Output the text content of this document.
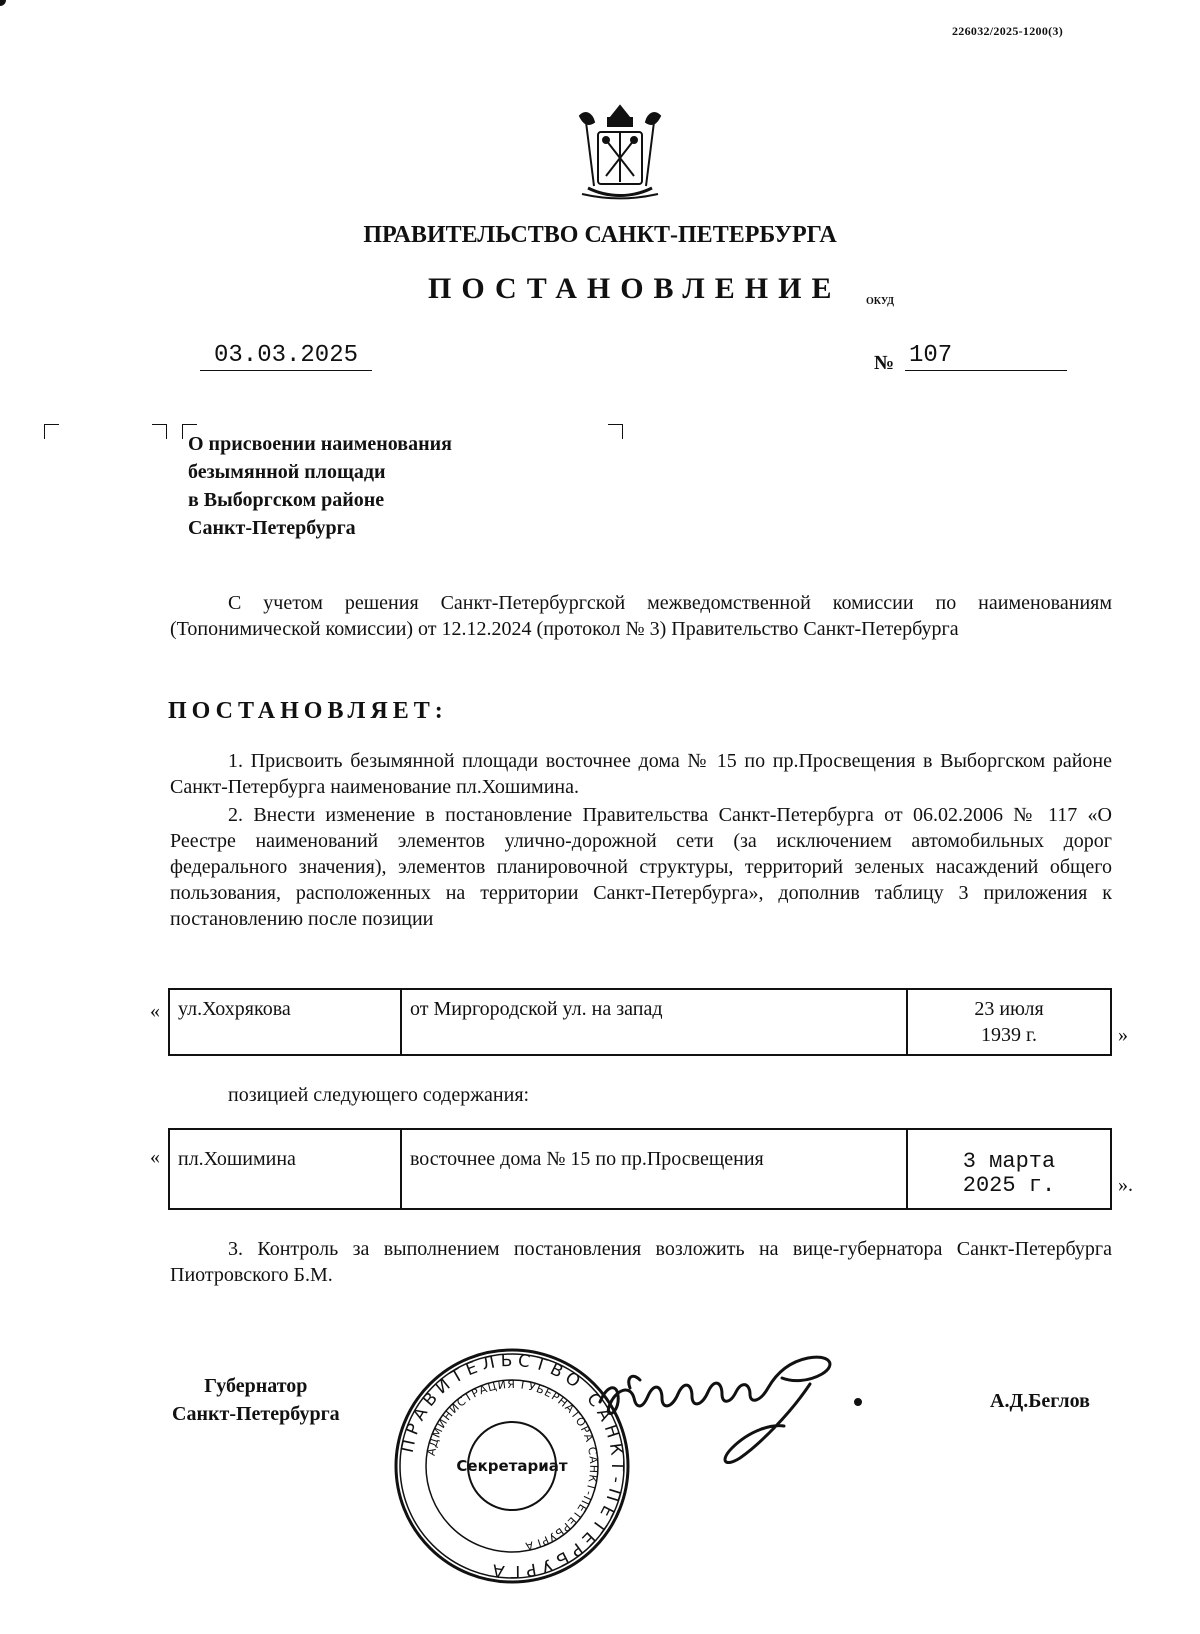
226032/2025-1200(3)
ПРАВИТЕЛЬСТВО САНКТ-ПЕТЕРБУРГА
ПОСТАНОВЛЕНИЕ ОКУД
03.03.2025	№ 107
О присвоении наименования
безымянной площади
в Выборгском районе
Санкт-Петербурга
С учетом решения Санкт-Петербургской межведомственной комиссии по наименованиям (Топонимической комиссии) от 12.12.2024 (протокол № 3) Правительство Санкт-Петербурга
ПОСТАНОВЛЯЕТ:
1. Присвоить безымянной площади восточнее дома № 15 по пр.Просвещения в Выборгском районе Санкт-Петербурга наименование пл.Хошимина.
2. Внести изменение в постановление Правительства Санкт-Петербурга от 06.02.2006 № 117 «О Реестре наименований элементов улично-дорожной сети (за исключением автомобильных дорог федерального значения), элементов планировочной структуры, территорий зеленых насаждений общего пользования, расположенных на территории Санкт-Петербурга», дополнив таблицу 3 приложения к постановлению после позиции
« ул.Хохрякова	от Миргородской ул. на запад	23 июля
1939 г.	»
позицией следующего содержания:
« пл.Хошимина	восточнее дома № 15 по пр.Просвещения	3 марта
2025 г.	».
3. Контроль за выполнением постановления возложить на вице-губернатора Санкт-Петербурга Пиотровского Б.М.
Губернатор
Санкт-Петербурга
А.Д.Беглов
ПРАВИТЕЛЬСТВО САНКТ-ПЕТЕРБУРГА
АДМИНИСТРАЦИЯ ГУБЕРНАТОРА САНКТ-ПЕТЕРБУРГА
Секретариат
